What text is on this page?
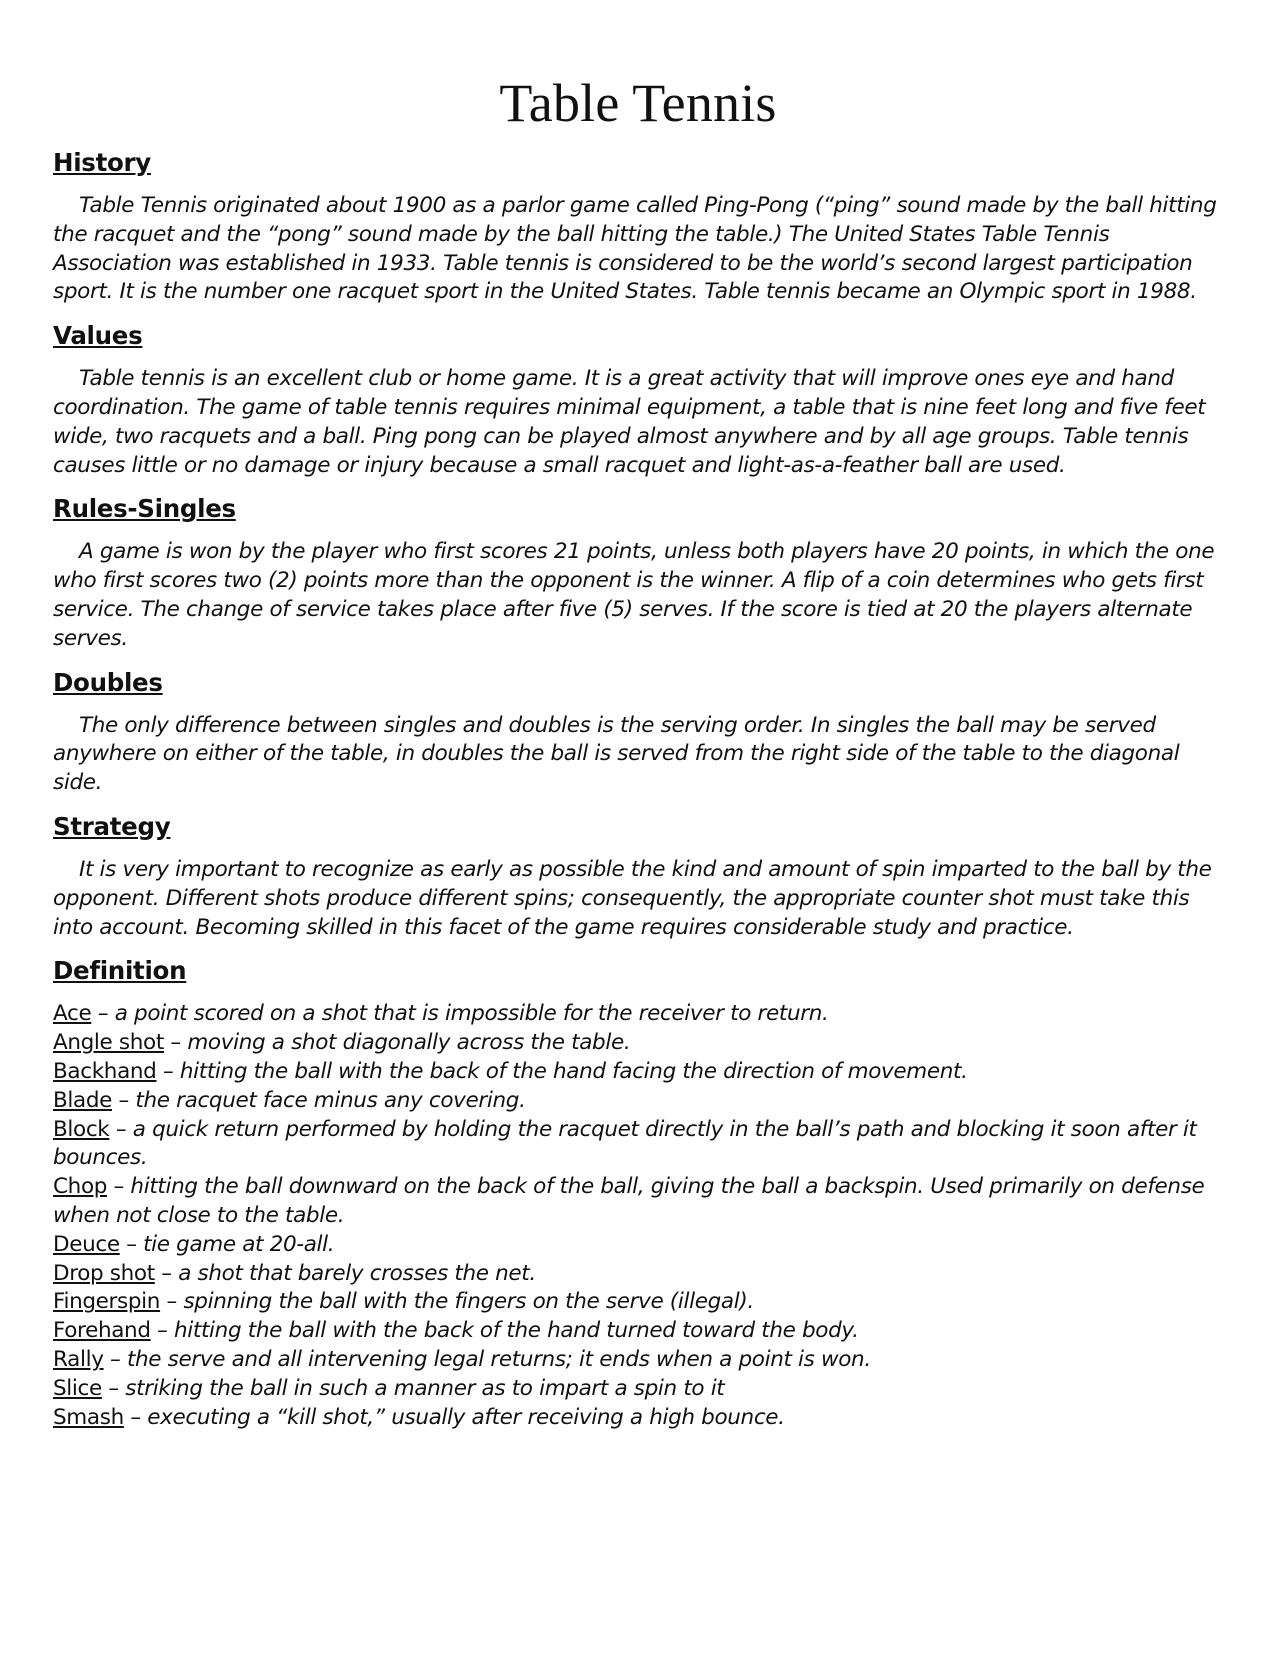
Table Tennis
History

Table Tennis originated about 1900 as a parlor game called Ping-Pong (“ping” sound made by the ball hitting the racquet and the “pong” sound made by the ball hitting the table.) The United States Table Tennis Association was established in 1933. Table tennis is considered to be the world’s second largest participation sport. It is the number one racquet sport in the United States. Table tennis became an Olympic sport in 1988.

Values

Table tennis is an excellent club or home game. It is a great activity that will improve ones eye and hand coordination. The game of table tennis requires minimal equipment, a table that is nine feet long and five feet wide, two racquets and a ball. Ping pong can be played almost anywhere and by all age groups. Table tennis causes little or no damage or injury because a small racquet and light-as-a-feather ball are used.

Rules-Singles

A game is won by the player who first scores 21 points, unless both players have 20 points, in which the one who first scores two (2) points more than the opponent is the winner. A flip of a coin determines who gets first service. The change of service takes place after five (5) serves. If the score is tied at 20 the players alternate serves.

Doubles

The only difference between singles and doubles is the serving order. In singles the ball may be served anywhere on either of the table, in doubles the ball is served from the right side of the table to the diagonal side.

Strategy

It is very important to recognize as early as possible the kind and amount of spin imparted to the ball by the opponent. Different shots produce different spins; consequently, the appropriate counter shot must take this into account. Becoming skilled in this facet of the game requires considerable study and practice.

Definition
Ace – a point scored on a shot that is impossible for the receiver to return.
Angle shot – moving a shot diagonally across the table.
Backhand – hitting the ball with the back of the hand facing the direction of movement.
Blade – the racquet face minus any covering.
Block – a quick return performed by holding the racquet directly in the ball’s path and blocking it soon after it bounces.
Chop – hitting the ball downward on the back of the ball, giving the ball a backspin. Used primarily on defense when not close to the table.
Deuce – tie game at 20-all.
Drop shot – a shot that barely crosses the net.
Fingerspin – spinning the ball with the fingers on the serve (illegal).
Forehand – hitting the ball with the back of the hand turned toward the body.
Rally – the serve and all intervening legal returns; it ends when a point is won.
Slice – striking the ball in such a manner as to impart a spin to it
Smash – executing a “kill shot,” usually after receiving a high bounce.
